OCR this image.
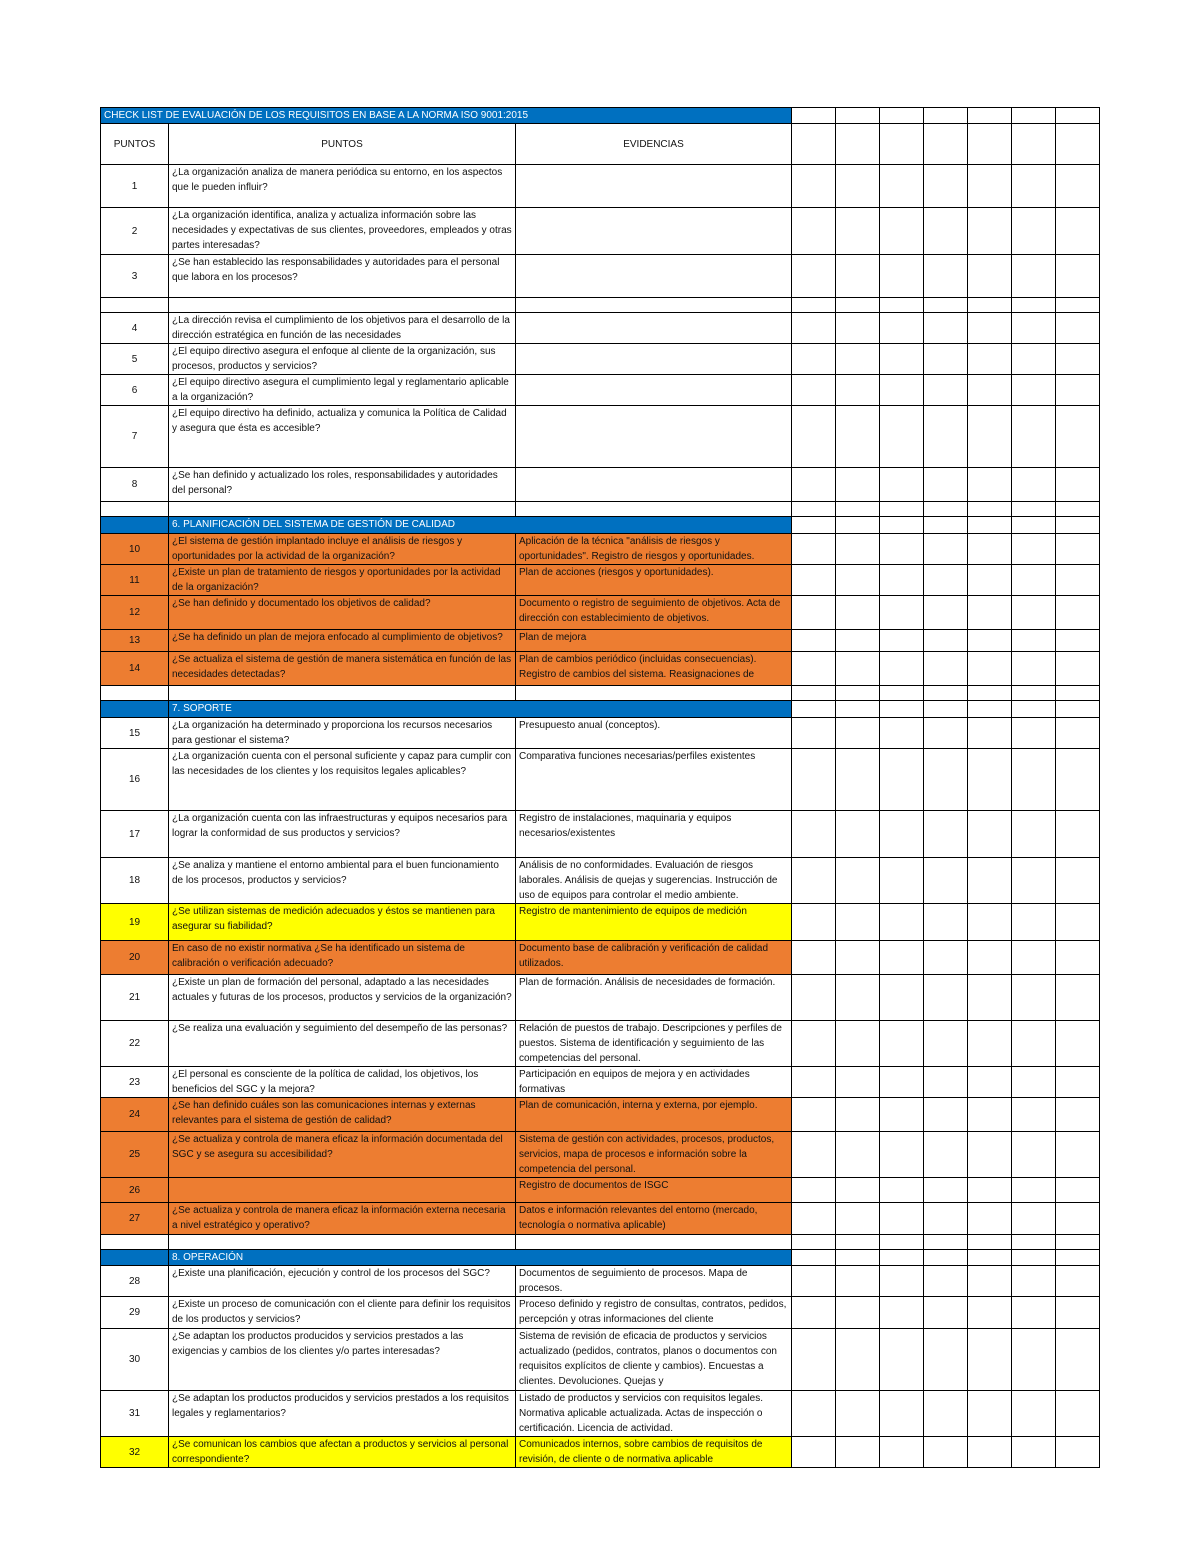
CHECK LIST DE EVALUACIÓN DE LOS REQUISITOS EN BASE A LA NORMA ISO 9001:2015									
PUNTOS	PUNTOS	EVIDENCIAS							
1	¿La organización analiza de manera periódica su entorno, en los aspectos que le pueden influir?								

2	¿La organización identifica, analiza y actualiza información sobre las necesidades y expectativas de sus clientes, proveedores, empleados y otras partes interesadas?								

3	¿Se han establecido las responsabilidades y autoridades para el personal que labora en los procesos?								

4	¿La dirección revisa el cumplimiento de los objetivos para el desarrollo de la dirección estratégica en función de las necesidades								

5	¿El equipo directivo asegura el enfoque al cliente de la organización, sus procesos, productos y servicios?								

6	¿El equipo directivo asegura el cumplimiento legal y reglamentario aplicable a la organización?								

7	¿El equipo directivo ha definido, actualiza y comunica la Política de Calidad y asegura que ésta es accesible?								

8	¿Se han definido y actualizado los roles, responsabilidades y autoridades del personal?								

	6. PLANIFICACIÓN DEL SISTEMA DE GESTIÓN DE CALIDAD								
10	¿El sistema de gestión implantado incluye el análisis de riesgos y oportunidades por la actividad de la organización?	Aplicación de la técnica "análisis de riesgos y oportunidades". Registro de riesgos y oportunidades.							

11	¿Existe un plan de tratamiento de riesgos y oportunidades por la actividad de la organización?	Plan de acciones (riesgos y oportunidades).							

12	¿Se han definido y documentado los objetivos de calidad?	Documento o registro de seguimiento de objetivos. Acta de dirección con establecimiento de objetivos.							

13	¿Se ha definido un plan de mejora enfocado al cumplimiento de objetivos?	Plan de mejora							

14	¿Se actualiza el sistema de gestión de manera sistemática en función de las necesidades detectadas?	Plan de cambios periódico (incluidas consecuencias). Registro de cambios del sistema. Reasignaciones de							

	7. SOPORTE								
15	¿La organización ha determinado y proporciona los recursos necesarios para gestionar el sistema?	Presupuesto anual (conceptos).							

16	¿La organización cuenta con el personal suficiente y capaz para cumplir con las necesidades de los clientes y los requisitos legales aplicables?	Comparativa funciones necesarias/perfiles existentes							

17	¿La organización cuenta con las infraestructuras y equipos necesarios para lograr la conformidad de sus productos y servicios?	Registro de instalaciones, maquinaria y equipos necesarios/existentes							

18	¿Se analiza y mantiene el entorno ambiental para el buen funcionamiento de los procesos, productos y servicios?	Análisis de no conformidades. Evaluación de riesgos laborales. Análisis de quejas y sugerencias. Instrucción de uso de equipos para controlar el medio ambiente.							

19	¿Se utilizan sistemas de medición adecuados y éstos se mantienen para asegurar su fiabilidad?	Registro de mantenimiento de equipos de medición							

20	En caso de no existir normativa ¿Se ha identificado un sistema de calibración o verificación adecuado?	Documento base de calibración y verificación de calidad utilizados.							

21	¿Existe un plan de formación del personal, adaptado a las necesidades actuales y futuras de los procesos, productos y servicios de la organización?	Plan de formación. Análisis de necesidades de formación.							

22	¿Se realiza una evaluación y seguimiento del desempeño de las personas?	Relación de puestos de trabajo. Descripciones y perfiles de puestos. Sistema de identificación y seguimiento de las competencias del personal.							

23	¿El personal es consciente de la política de calidad, los objetivos, los beneficios del SGC y la mejora?	Participación en equipos de mejora y en actividades formativas							

24	¿Se han definido cuáles son las comunicaciones internas y externas relevantes para el sistema de gestión de calidad?	Plan de comunicación, interna y externa, por ejemplo.							

25	¿Se actualiza y controla de manera eficaz la información documentada del SGC y se asegura su accesibilidad?	Sistema de gestión con actividades, procesos, productos, servicios, mapa de procesos e información sobre la competencia del personal.							

26		Registro de documentos de ISGC							

27	¿Se actualiza y controla de manera eficaz la información externa necesaria a nivel estratégico y operativo?	Datos e información relevantes del entorno (mercado, tecnología o normativa aplicable)							

	8. OPERACIÓN								
28	¿Existe una planificación, ejecución y control de los procesos del SGC?	Documentos de seguimiento de procesos. Mapa de procesos.							

29	¿Existe un proceso de comunicación con el cliente para definir los requisitos de los productos y servicios?	Proceso definido y registro de consultas, contratos, pedidos, percepción y otras informaciones del cliente							

30	¿Se adaptan los productos producidos y servicios prestados a las exigencias y cambios de los clientes y/o partes interesadas?	Sistema de revisión de eficacia de productos y servicios actualizado (pedidos, contratos, planos o documentos con requisitos explícitos de cliente y cambios). Encuestas a clientes. Devoluciones. Quejas y							

31	¿Se adaptan los productos producidos y servicios prestados a los requisitos legales y reglamentarios?	Listado de productos y servicios con requisitos legales. Normativa aplicable actualizada. Actas de inspección o certificación. Licencia de actividad.							

32	¿Se comunican los cambios que afectan a productos y servicios al personal correspondiente?	Comunicados internos, sobre cambios de requisitos de revisión, de cliente o de normativa aplicable							
